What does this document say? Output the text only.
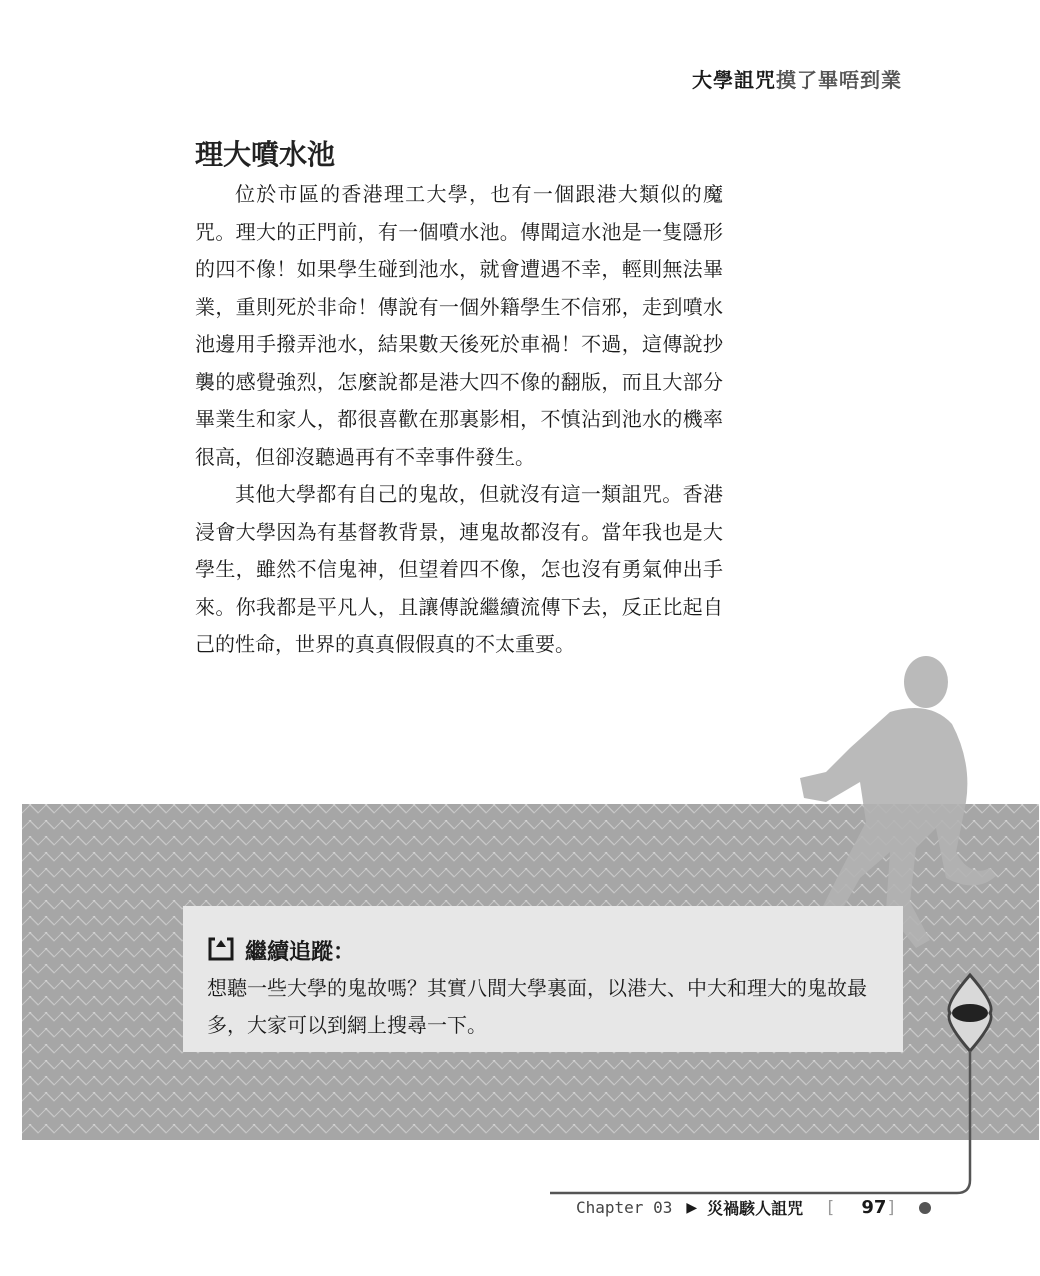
大學詛咒摸了畢唔到業
理大噴水池

位於市區的香港理工大學，也有一個跟港大類似的魔咒。理大的正門前，有一個噴水池。傳聞這水池是一隻隱形的四不像！如果學生碰到池水，就會遭遇不幸，輕則無法畢業，重則死於非命！傳說有一個外籍學生不信邪，走到噴水池邊用手撥弄池水，結果數天後死於車禍！不過，這傳說抄襲的感覺強烈，怎麼說都是港大四不像的翻版，而且大部分畢業生和家人，都很喜歡在那裏影相，不慎沾到池水的機率很高，但卻沒聽過再有不幸事件發生。

其他大學都有自己的鬼故，但就沒有這一類詛咒。香港浸會大學因為有基督教背景，連鬼故都沒有。當年我也是大學生，雖然不信鬼神，但望着四不像，怎也沒有勇氣伸出手來。你我都是平凡人，且讓傳說繼續流傳下去，反正比起自己的性命，世界的真真假假真的不太重要。

繼續追蹤：
想聽一些大學的鬼故嗎？其實八間大學裏面，以港大、中大和理大的鬼故最多，大家可以到網上搜尋一下。
Chapter 03 ▶ 災禍駭人詛咒 [ 97 ]
